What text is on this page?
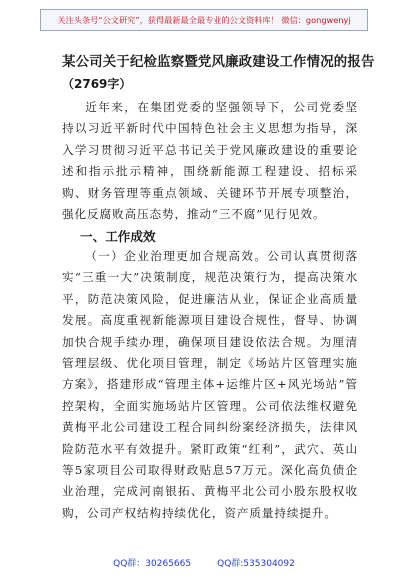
关注头条号“公文研究”，获得最新最全最专业的公文资料库！ 微信：gongwenyj
某公司关于纪检监察暨党风廉政建设工作情况的报告
（2769字）

近年来，在集团党委的坚强领导下，公司党委坚持以习近平新时代中国特色社会主义思想为指导，深入学习贯彻习近平总书记关于党风廉政建设的重要论述和指示批示精神，围绕新能源工程建设、招标采购、财务管理等重点领域、关键环节开展专项整治，强化反腐败高压态势，推动“三不腐”见行见效。

一、工作成效

（一）企业治理更加合规高效。公司认真贯彻落实“三重一大”决策制度，规范决策行为，提高决策水平，防范决策风险，促进廉洁从业，保证企业高质量发展。高度重视新能源项目建设合规性，督导、协调加快合规手续办理，确保项目建设依法合规。为厘清管理层级、优化项目管理，制定《场站片区管理实施方案》，搭建形成“管理主体+运维片区+风光场站”管控架构，全面实施场站片区管理。公司依法维权避免黄梅平北公司建设工程合同纠纷案经济损失，法律风险防范水平有效提升。紧盯政策“红利”，武穴、英山等5家项目公司取得财政贴息57万元。深化高负债企业治理，完成河南银拓、黄梅平北公司小股东股权收购，公司产权结构持续优化，资产质量持续提升。

QQ群：30265665	QQ群:535304092
